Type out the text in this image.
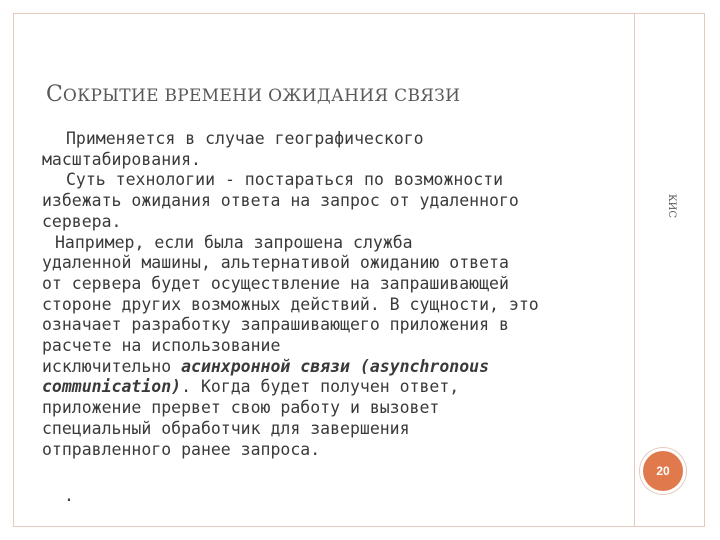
СОКРЫТИЕ ВРЕМЕНИ ОЖИДАНИЯ СВЯЗИ
КИС
20

Применяется в случае географического

масштабирования.

Суть технологии - постараться по возможности

избежать ожидания ответа на запрос от удаленного

сервера.

Например, если была запрошена служба

удаленной машины, альтернативой ожиданию ответа

от сервера будет осуществление на запрашивающей

стороне других возможных действий. В сущности, это

означает разработку запрашивающего приложения в

расчете на использование

исключительно асинхронной связи (asynchronous

communication). Когда будет получен ответ,

приложение прервет свою работу и вызовет

специальный обработчик для завершения

отправленного ранее запроса.

.
